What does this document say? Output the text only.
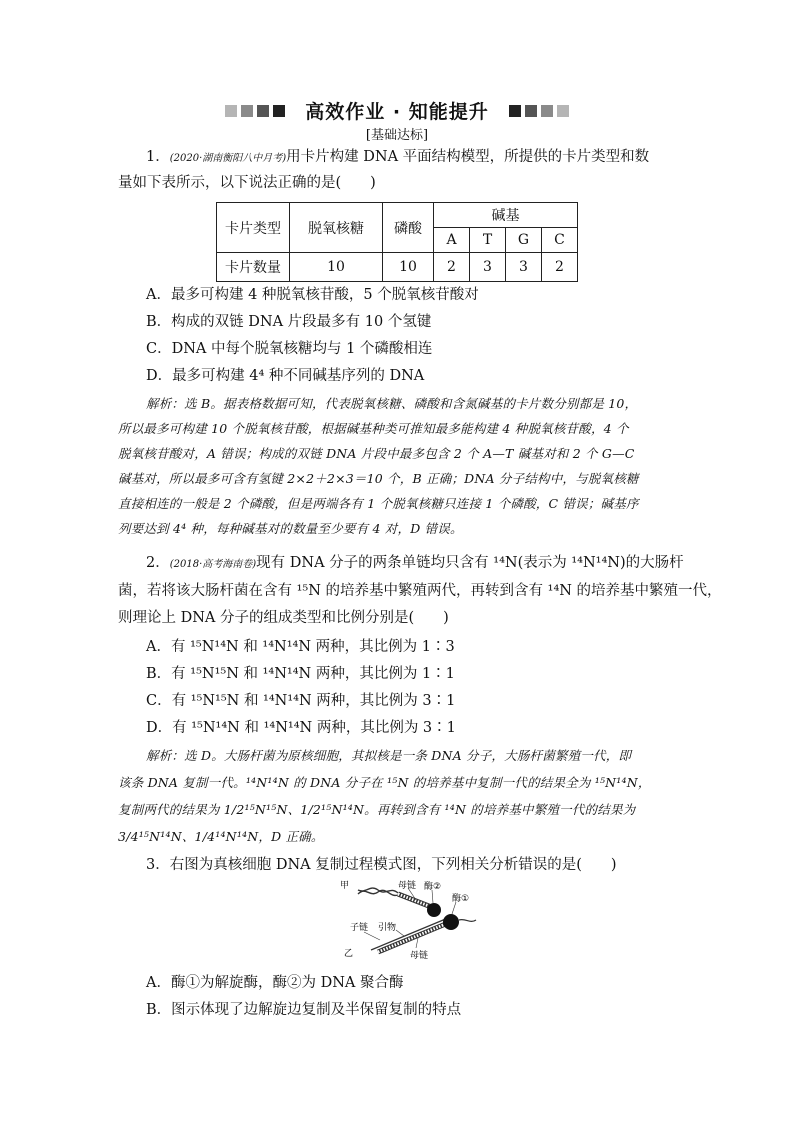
高效作业 · 知能提升
[基础达标]
1．(2020·湖南衡阳八中月考)用卡片构建 DNA 平面结构模型，所提供的卡片类型和数
量如下表所示，以下说法正确的是(　　)
卡片类型	脱氧核糖	磷酸	碱基			
			A	T	G	C
卡片数量	10	10	2	3	3	2
A．最多可构建 4 种脱氧核苷酸，5 个脱氧核苷酸对
B．构成的双链 DNA 片段最多有 10 个氢键
C．DNA 中每个脱氧核糖均与 1 个磷酸相连
D．最多可构建 4⁴ 种不同碱基序列的 DNA
解析：选 B。据表格数据可知，代表脱氧核糖、磷酸和含氮碱基的卡片数分别都是 10，
所以最多可构建 10 个脱氧核苷酸，根据碱基种类可推知最多能构建 4 种脱氧核苷酸，4 个
脱氧核苷酸对，A 错误；构成的双链 DNA 片段中最多包含 2 个 A—T 碱基对和 2 个 G—C
碱基对，所以最多可含有氢键 2×2＋2×3＝10 个，B 正确；DNA 分子结构中，与脱氧核糖
直接相连的一般是 2 个磷酸，但是两端各有 1 个脱氧核糖只连接 1 个磷酸，C 错误；碱基序
列要达到 4⁴ 种，每种碱基对的数量至少要有 4 对，D 错误。
2．(2018·高考海南卷)现有 DNA 分子的两条单链均只含有 ¹⁴N(表示为 ¹⁴N¹⁴N)的大肠杆
菌，若将该大肠杆菌在含有 ¹⁵N 的培养基中繁殖两代，再转到含有 ¹⁴N 的培养基中繁殖一代，
则理论上 DNA 分子的组成类型和比例分别是(　　)
A．有 ¹⁵N¹⁴N 和 ¹⁴N¹⁴N 两种，其比例为 1∶3
B．有 ¹⁵N¹⁵N 和 ¹⁴N¹⁴N 两种，其比例为 1∶1
C．有 ¹⁵N¹⁵N 和 ¹⁴N¹⁴N 两种，其比例为 3∶1
D．有 ¹⁵N¹⁴N 和 ¹⁴N¹⁴N 两种，其比例为 3∶1
解析：选 D。大肠杆菌为原核细胞，其拟核是一条 DNA 分子，大肠杆菌繁殖一代，即
该条 DNA 复制一代。¹⁴N¹⁴N 的 DNA 分子在 ¹⁵N 的培养基中复制一代的结果全为 ¹⁵N¹⁴N，
复制两代的结果为 1/2¹⁵N¹⁵N、1/2¹⁵N¹⁴N。再转到含有 ¹⁴N 的培养基中繁殖一代的结果为
3/4¹⁵N¹⁴N、1/4¹⁴N¹⁴N，D 正确。
3．右图为真核细胞 DNA 复制过程模式图，下列相关分析错误的是(　　)
甲	母链 酶②
酶①
子链 引物
乙	母链
A．酶①为解旋酶，酶②为 DNA 聚合酶
B．图示体现了边解旋边复制及半保留复制的特点
